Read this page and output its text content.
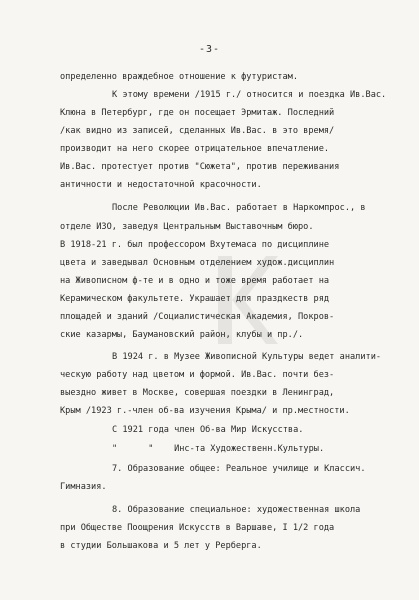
-3-
определенно враждебное отношение к футуристам.
К этому времени /1915 г./ относится и поездка Ив.Вас.
Клюна в Петербург, где он посещает Эрмитаж. Последний
/как видно из записей, сделанных Ив.Вас. в это время/
производит на него скорее отрицательное впечатление.
Ив.Вас. протестует против "Сюжета", против переживания
античности и недостаточной красочности.
После Революции Ив.Вас. работает в Наркомпрос., в
отделе ИЗО, заведуя Центральным Выставочным бюро.
В 1918-21 г. был профессором Вхутемаса по дисциплине
цвета и заведывал Основным отделением худож.дисциплин
на Живописном ф-те и в одно и тоже время работает на
Керамическом факультете. Украшает для праздкеств ряд
площадей и зданий /Социалистическая Академия, Покров-
ские казармы, Баумановский район, клубы и пр./.
В 1924 г. в Музее Живописной Культуры ведет аналити-
ческую работу над цветом и формой. Ив.Вас. почти без-
выездно живет в Москве, совершая поездки в Ленинград,
Крым /1923 г.-член об-ва изучения Крыма/ и пр.местности.
С 1921 года член Об-ва Мир Искусства.
"      "    Инс-та Художественн.Культуры.
7. Образование общее: Реальное училище и Классич.
Гимназия.
8. Образование специальное: художественная школа
при Обществе Поощрения Искусств в Варшаве, I 1/2 года
в студии Большакова и 5 лет у Рерберга.
